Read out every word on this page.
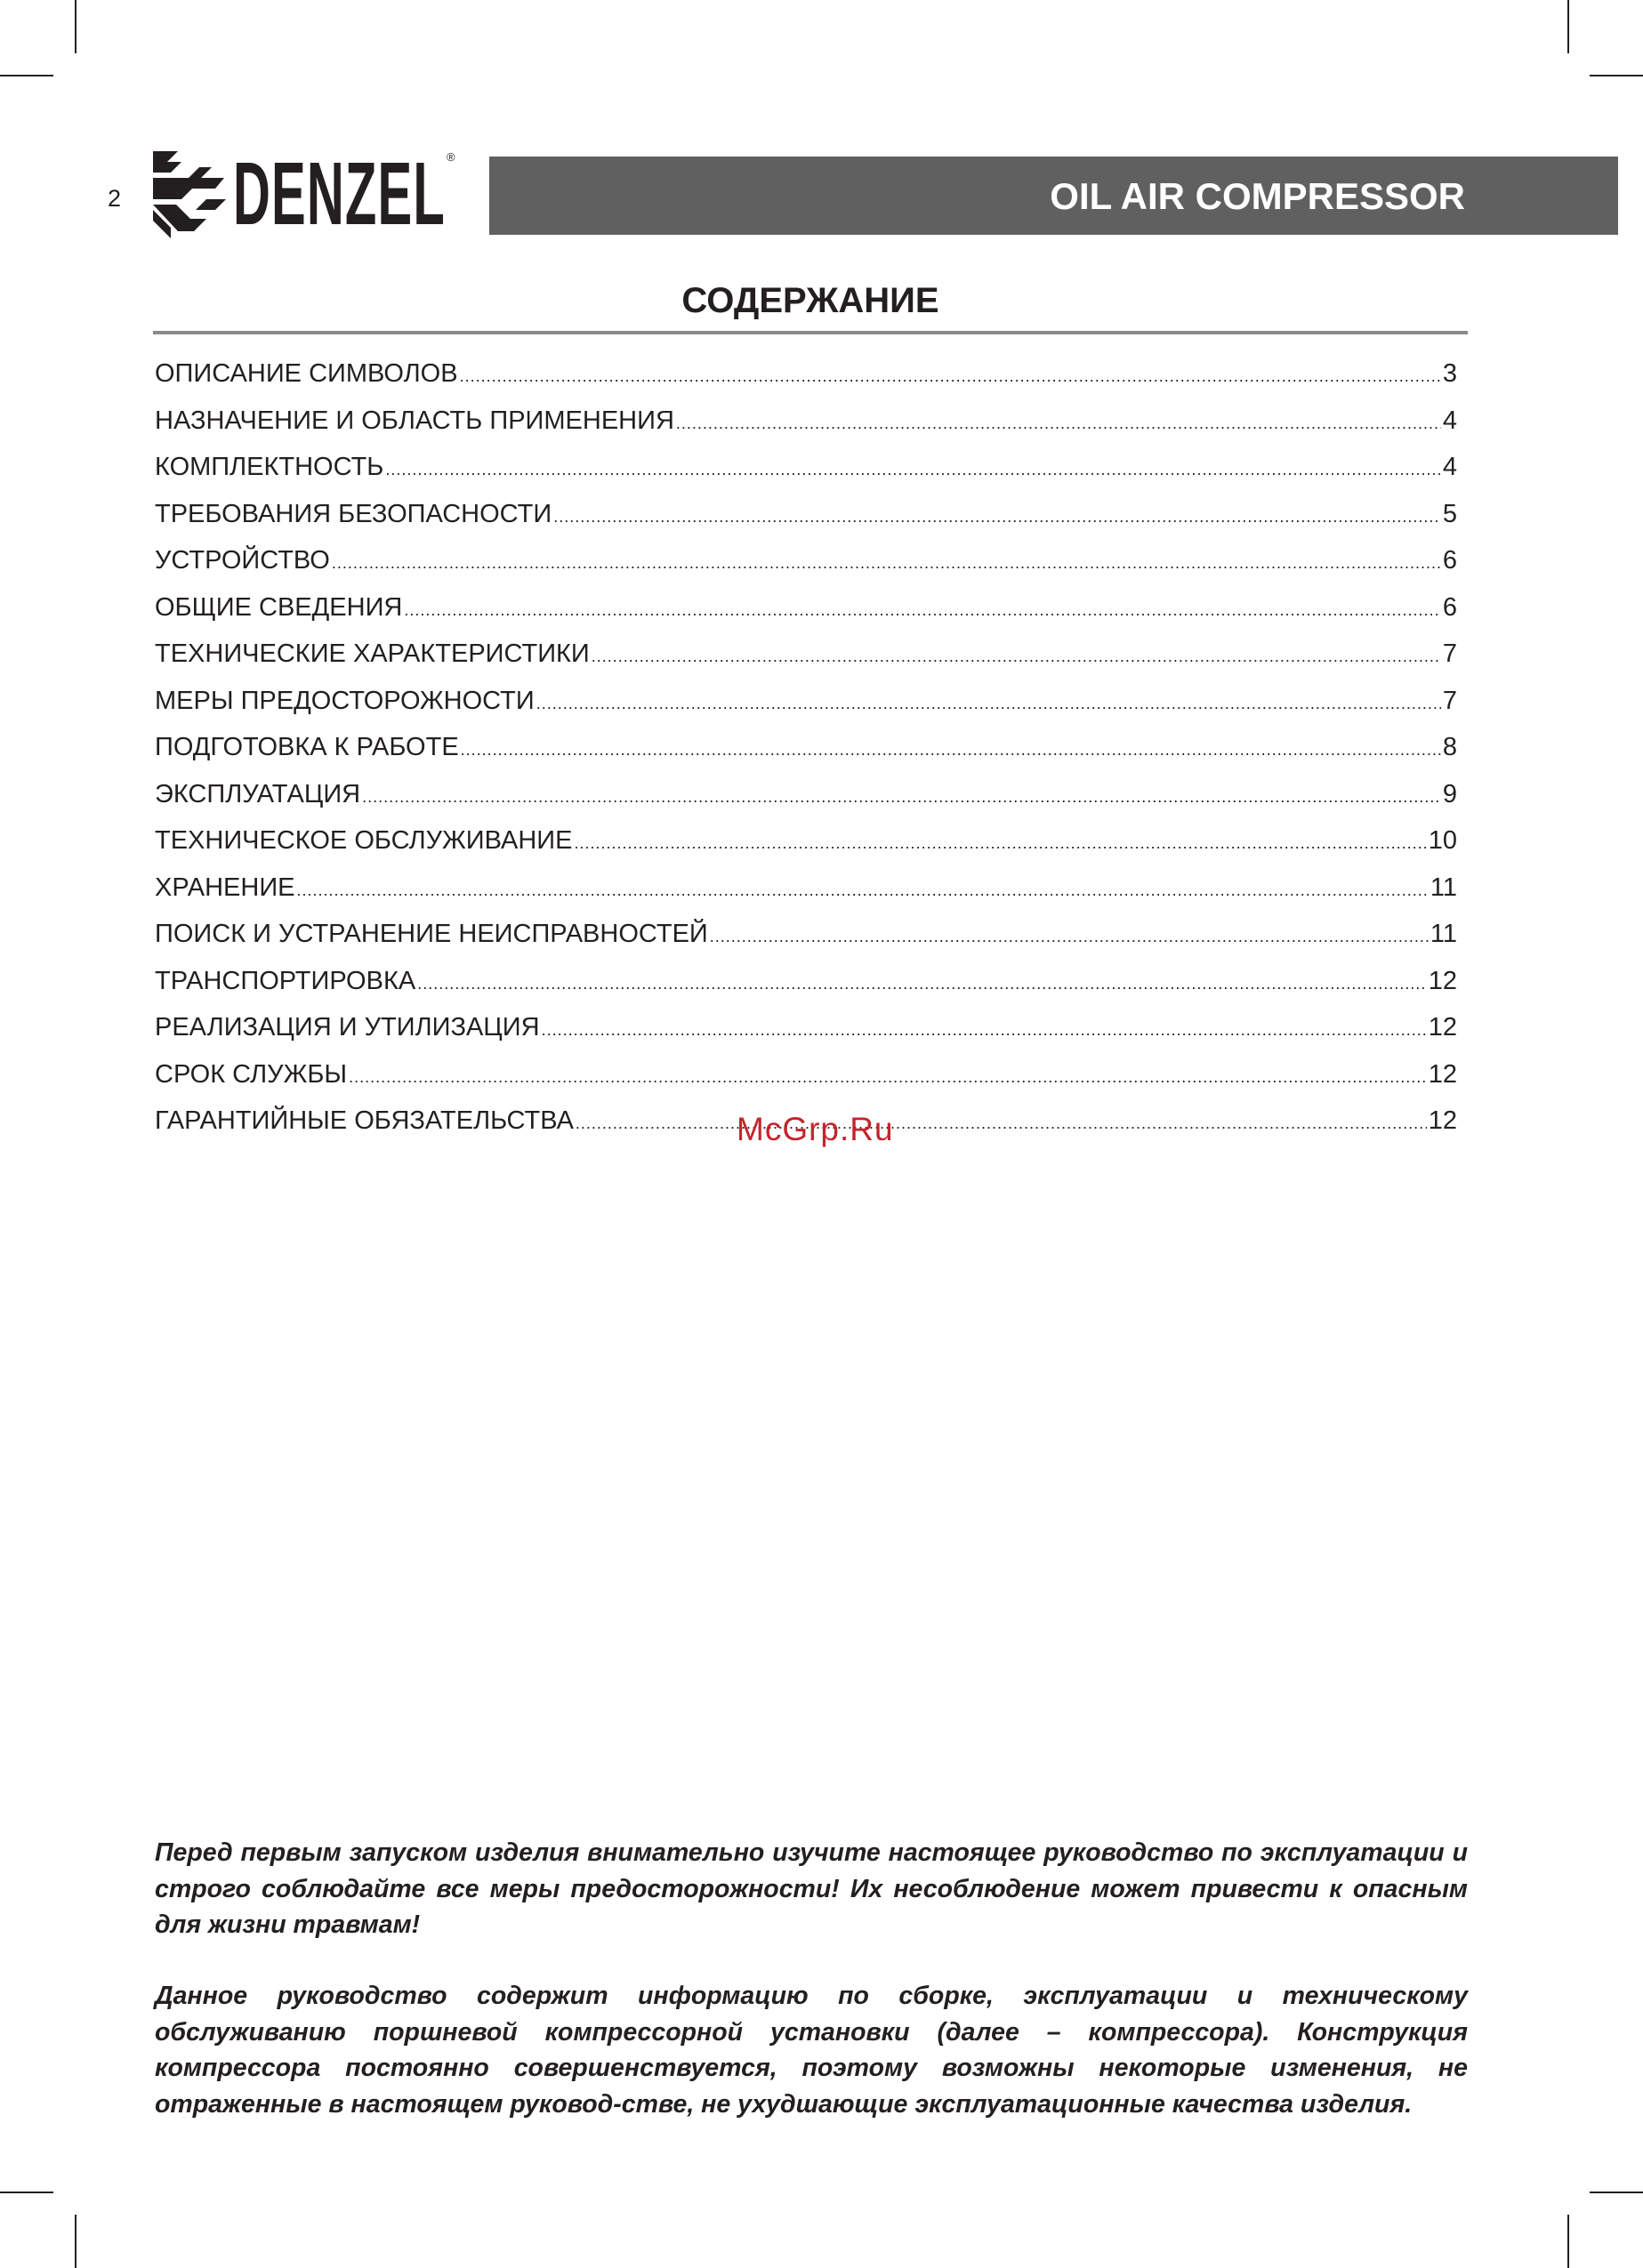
2 DENZEL ®
OIL AIR COMPRESSOR
СОДЕРЖАНИЕ
ОПИСАНИЕ СИМВОЛОВ .....	3
НАЗНАЧЕНИЕ И ОБЛАСТЬ ПРИМЕНЕНИЯ .....	4
КОМПЛЕКТНОСТЬ .....	4
ТРЕБОВАНИЯ БЕЗОПАСНОСТИ .....	5
УСТРОЙСТВО .....	6
ОБЩИЕ СВЕДЕНИЯ .....	6
ТЕХНИЧЕСКИЕ ХАРАКТЕРИСТИКИ .....	7
МЕРЫ ПРЕДОСТОРОЖНОСТИ .....	7
ПОДГОТОВКА К РАБОТЕ .....	8
ЭКСПЛУАТАЦИЯ .....	9
ТЕХНИЧЕСКОЕ ОБСЛУЖИВАНИЕ .....	10
ХРАНЕНИЕ .....	11
ПОИСК И УСТРАНЕНИЕ НЕИСПРАВНОСТЕЙ .....	11
ТРАНСПОРТИРОВКА .....	12
РЕАЛИЗАЦИЯ И УТИЛИЗАЦИЯ .....	12
СРОК СЛУЖБЫ .....	12
ГАРАНТИЙНЫЕ ОБЯЗАТЕЛЬСТВА .....	12
McGrp.Ru

Перед первым запуском изделия внимательно изучите настоящее руководство по эксплуатации и строго соблюдайте все меры предосторожности! Их несоблюдение может привести к опасным для жизни травмам!

Данное руководство содержит информацию по сборке, эксплуатации и техническому обслуживанию поршневой компрессорной установки (далее – компрессора). Конструкция компрессора постоянно совершенствуется, поэтому возможны некоторые изменения, не отраженные в настоящем руковод-стве, не ухудшающие эксплуатационные качества изделия.
